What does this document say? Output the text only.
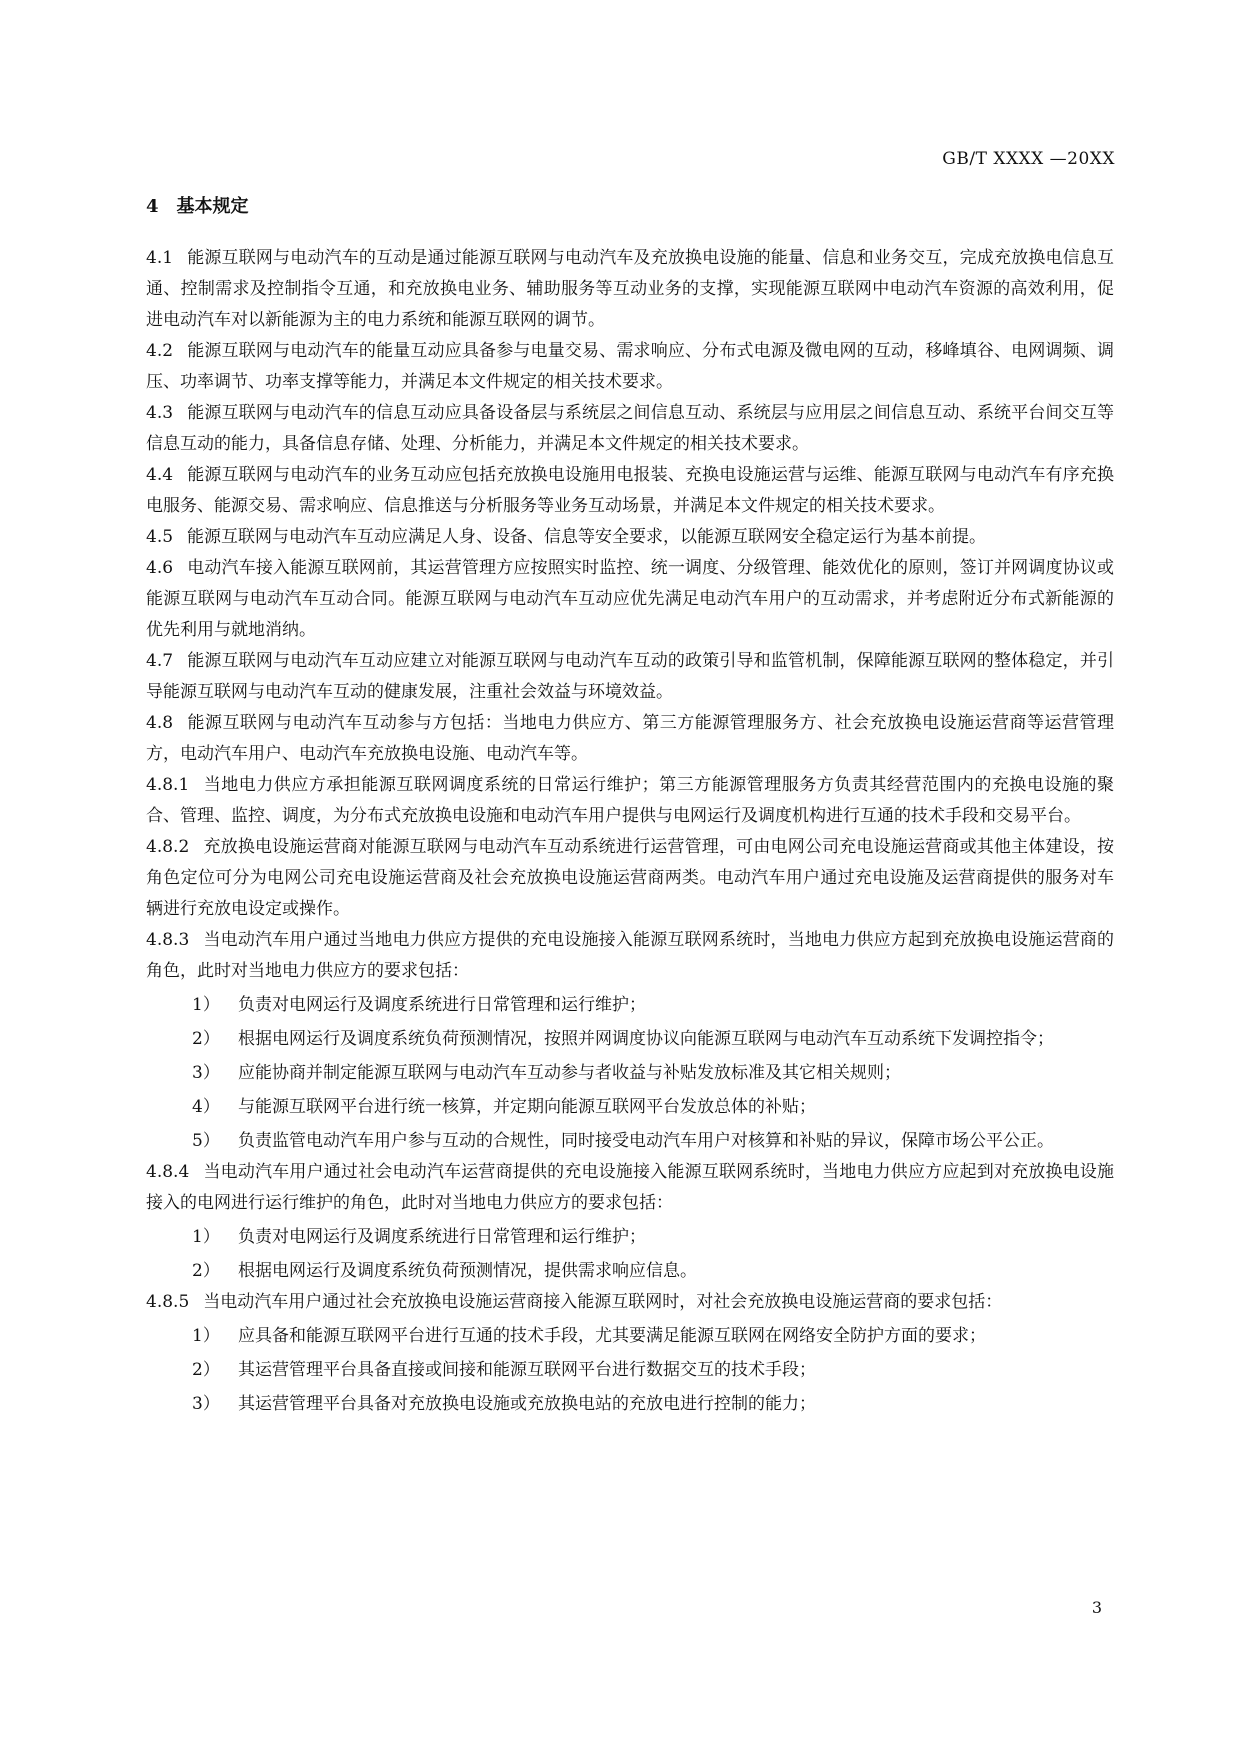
GB/T XXXX —20XX
4 基本规定
4.1 能源互联网与电动汽车的互动是通过能源互联网与电动汽车及充放换电设施的能量、信息和业务交互，完成充放换电信息互通、控制需求及控制指令互通，和充放换电业务、辅助服务等互动业务的支撑，实现能源互联网中电动汽车资源的高效利用，促进电动汽车对以新能源为主的电力系统和能源互联网的调节。
4.2 能源互联网与电动汽车的能量互动应具备参与电量交易、需求响应、分布式电源及微电网的互动，移峰填谷、电网调频、调压、功率调节、功率支撑等能力，并满足本文件规定的相关技术要求。
4.3 能源互联网与电动汽车的信息互动应具备设备层与系统层之间信息互动、系统层与应用层之间信息互动、系统平台间交互等信息互动的能力，具备信息存储、处理、分析能力，并满足本文件规定的相关技术要求。
4.4 能源互联网与电动汽车的业务互动应包括充放换电设施用电报装、充换电设施运营与运维、能源互联网与电动汽车有序充换电服务、能源交易、需求响应、信息推送与分析服务等业务互动场景，并满足本文件规定的相关技术要求。
4.5 能源互联网与电动汽车互动应满足人身、设备、信息等安全要求，以能源互联网安全稳定运行为基本前提。
4.6 电动汽车接入能源互联网前，其运营管理方应按照实时监控、统一调度、分级管理、能效优化的原则，签订并网调度协议或能源互联网与电动汽车互动合同。能源互联网与电动汽车互动应优先满足电动汽车用户的互动需求，并考虑附近分布式新能源的优先利用与就地消纳。
4.7 能源互联网与电动汽车互动应建立对能源互联网与电动汽车互动的政策引导和监管机制，保障能源互联网的整体稳定，并引导能源互联网与电动汽车互动的健康发展，注重社会效益与环境效益。
4.8 能源互联网与电动汽车互动参与方包括：当地电力供应方、第三方能源管理服务方、社会充放换电设施运营商等运营管理方，电动汽车用户、电动汽车充放换电设施、电动汽车等。
4.8.1 当地电力供应方承担能源互联网调度系统的日常运行维护；第三方能源管理服务方负责其经营范围内的充换电设施的聚合、管理、监控、调度，为分布式充放换电设施和电动汽车用户提供与电网运行及调度机构进行互通的技术手段和交易平台。
4.8.2 充放换电设施运营商对能源互联网与电动汽车互动系统进行运营管理，可由电网公司充电设施运营商或其他主体建设，按角色定位可分为电网公司充电设施运营商及社会充放换电设施运营商两类。电动汽车用户通过充电设施及运营商提供的服务对车辆进行充放电设定或操作。
4.8.3 当电动汽车用户通过当地电力供应方提供的充电设施接入能源互联网系统时，当地电力供应方起到充放换电设施运营商的角色，此时对当地电力供应方的要求包括：
1） 负责对电网运行及调度系统进行日常管理和运行维护；
2） 根据电网运行及调度系统负荷预测情况，按照并网调度协议向能源互联网与电动汽车互动系统下发调控指令；
3） 应能协商并制定能源互联网与电动汽车互动参与者收益与补贴发放标准及其它相关规则；
4） 与能源互联网平台进行统一核算，并定期向能源互联网平台发放总体的补贴；
5） 负责监管电动汽车用户参与互动的合规性，同时接受电动汽车用户对核算和补贴的异议，保障市场公平公正。
4.8.4 当电动汽车用户通过社会电动汽车运营商提供的充电设施接入能源互联网系统时，当地电力供应方应起到对充放换电设施接入的电网进行运行维护的角色，此时对当地电力供应方的要求包括：
1） 负责对电网运行及调度系统进行日常管理和运行维护；
2） 根据电网运行及调度系统负荷预测情况，提供需求响应信息。
4.8.5 当电动汽车用户通过社会充放换电设施运营商接入能源互联网时，对社会充放换电设施运营商的要求包括：
1） 应具备和能源互联网平台进行互通的技术手段，尤其要满足能源互联网在网络安全防护方面的要求；
2） 其运营管理平台具备直接或间接和能源互联网平台进行数据交互的技术手段；
3） 其运营管理平台具备对充放换电设施或充放换电站的充放电进行控制的能力；
3
